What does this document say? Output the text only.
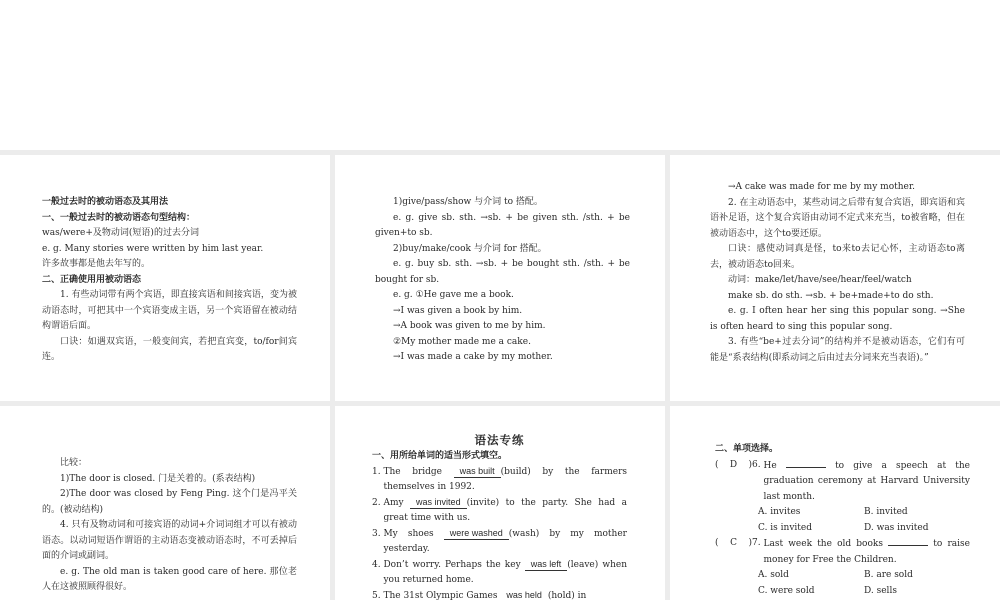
一般过去时的被动语态及其用法

一、一般过去时的被动语态句型结构：

was/were+及物动词(短语)的过去分词

e. g. Many stories were written by him last year.

许多故事都是他去年写的。

二、正确使用用被动语态

1. 有些动词带有两个宾语，即直接宾语和间接宾语，变为被动语态时，可把其中一个宾语变成主语，另一个宾语留在被动结构谓语后面。

口诀：如遇双宾语，一般变间宾，若把直宾变，to/for间宾连。

1)give/pass/show 与介词 to 搭配。

e. g. give sb. sth. →sb. + be given sth. /sth. + be given+to sb.

2)buy/make/cook 与介词 for 搭配。

e. g. buy sb. sth. →sb. + be bought sth. /sth. + be bought for sb.

e. g. ①He gave me a book.

→I was given a book by him.

→A book was given to me by him.

②My mother made me a cake.

→I was made a cake by my mother.

→A cake was made for me by my mother.

2. 在主动语态中，某些动词之后带有复合宾语，即宾语和宾语补足语，这个复合宾语由动词不定式来充当，to被省略，但在被动语态中，这个to要还原。

口诀：感使动词真是怪，to来to去记心怀，主动语态to离去，被动语态to回来。

动词：make/let/have/see/hear/feel/watch

make sb. do sth. →sb. + be+made+to do sth.

e. g. I often hear her sing this popular song. →She is often heard to sing this popular song.

3. 有些“be+过去分词”的结构并不是被动语态，它们有可能是“系表结构(即系动词之后由过去分词来充当表语)。”

比较：

1)The door is closed. 门是关着的。(系表结构)

2)The door was closed by Feng Ping. 这个门是冯平关的。(被动结构)

4. 只有及物动词和可接宾语的动词+介词词组才可以有被动语态。以动词短语作谓语的主动语态变被动语态时，不可丢掉后面的介词或副词。

e. g. The old man is taken good care of here. 那位老人在这被照顾得很好。

语法专练

一、用所给单词的适当形式填空。

1.
The bridge was built (build) by the farmers themselves in 1992.
2.
Amy was invited (invite) to the party. She had a great time with us.
3.
My shoes were washed (wash) by my mother yesterday.
4.
Don’t worry. Perhaps the key was left (leave) when you returned home.
5.
The 31st Olympic Games was held (hold) in

二、单项选择。

( D )6.
He	to give a speech at the graduation ceremony at Harvard University last month.
A. invites	B. invited
C. is invited	D. was invited
( C )7.
Last week the old books	to raise money for Free the Children.
A. sold	B. are sold
C. were sold	D. sells
